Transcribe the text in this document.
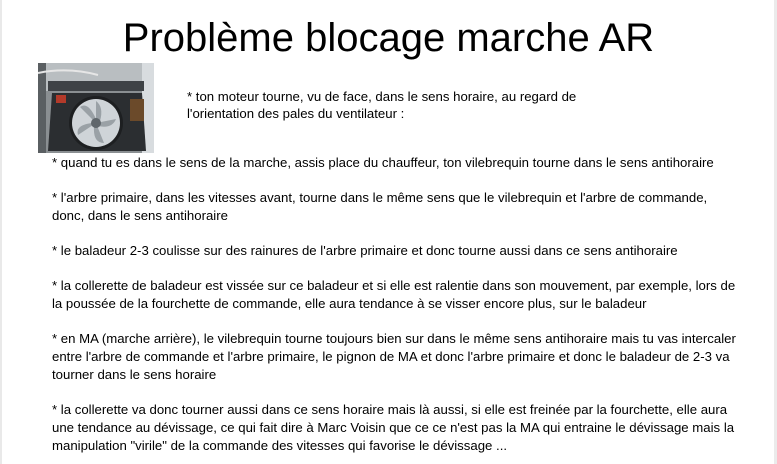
Problème blocage marche AR
* ton moteur tourne, vu de face, dans le sens horaire, au regard de l'orientation des pales du ventilateur :
* quand tu es dans le sens de la marche, assis place du chauffeur, ton vilebrequin tourne dans le sens antihoraire
* l'arbre primaire, dans les vitesses avant, tourne dans le même sens que le vilebrequin et l'arbre de commande, donc, dans le sens antihoraire
* le baladeur 2-3 coulisse sur des rainures de l'arbre primaire et donc tourne aussi dans ce sens antihoraire
* la collerette de baladeur est vissée sur ce baladeur et si elle est ralentie dans son mouvement, par exemple, lors de la poussée de la fourchette de commande, elle aura tendance à se visser encore plus, sur le baladeur
* en MA (marche arrière), le vilebrequin tourne toujours bien sur dans le même sens antihoraire mais tu vas intercaler entre l'arbre de commande et l'arbre primaire, le pignon de MA et donc l'arbre primaire et donc le baladeur de 2-3 va tourner dans le sens horaire
* la collerette va donc tourner aussi dans ce sens horaire mais là aussi, si elle est freinée par la fourchette, elle aura une tendance au dévissage, ce qui fait dire à Marc Voisin que ce ce n'est pas la MA qui entraine le dévissage mais la manipulation "virile" de la commande des vitesses qui favorise le dévissage ...
